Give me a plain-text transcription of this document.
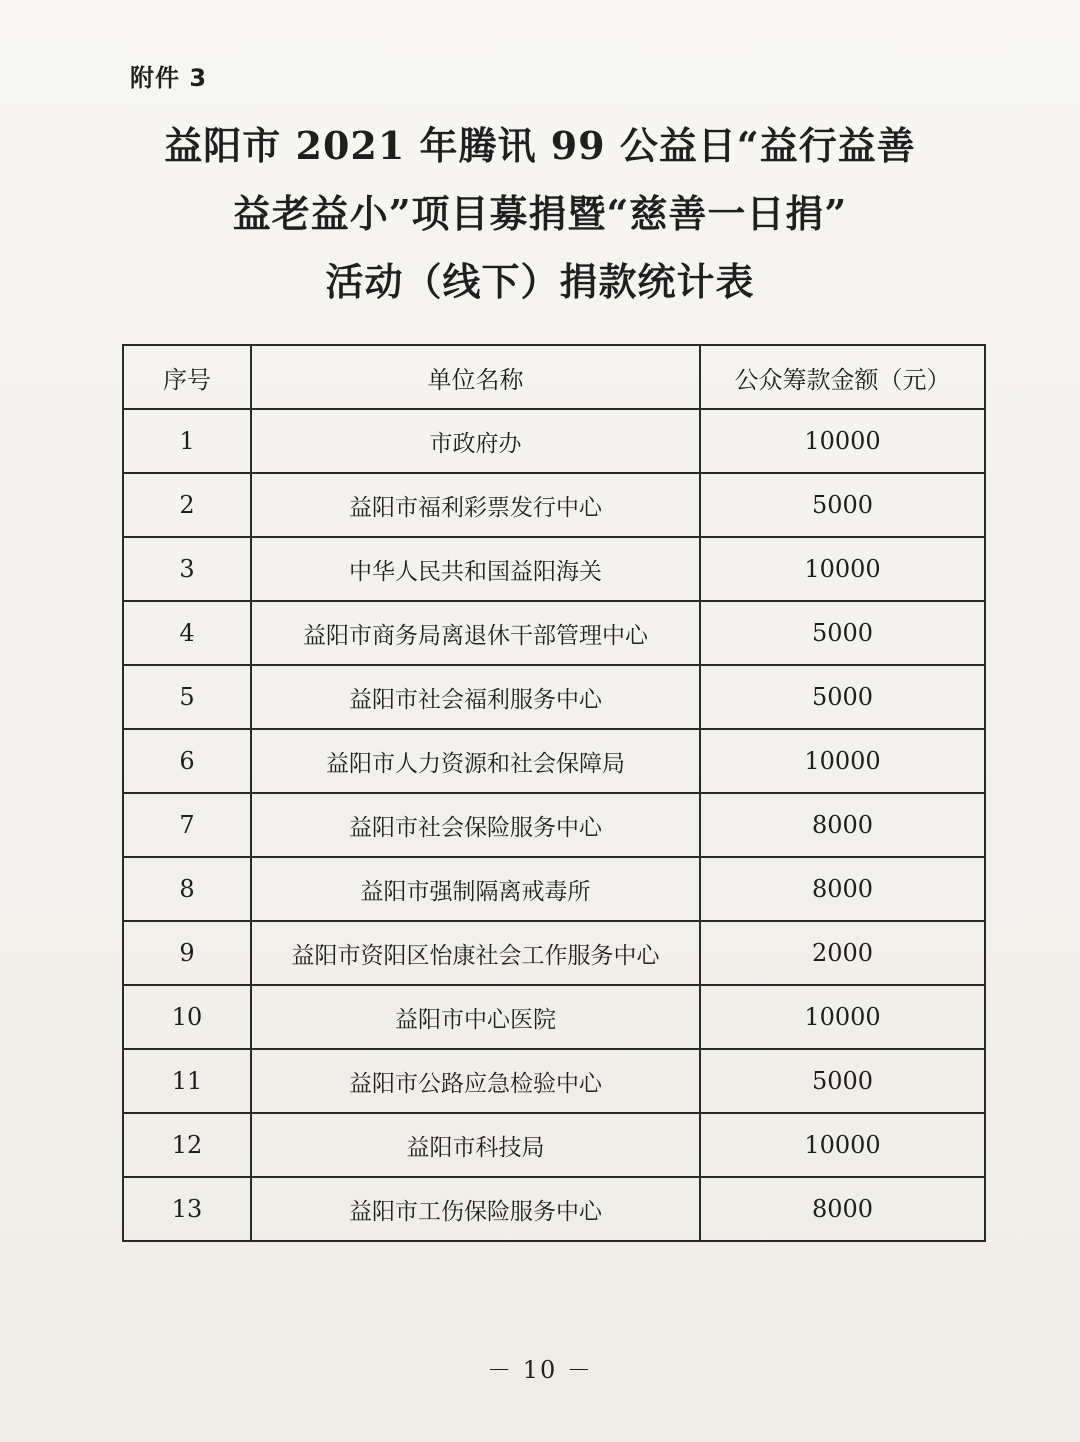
附件 3
益阳市 2021 年腾讯 99 公益日“益行益善
益老益小”项目募捐暨“慈善一日捐”
活动（线下）捐款统计表
序号	单位名称	公众筹款金额（元）
1	市政府办	10000
2	益阳市福利彩票发行中心	5000
3	中华人民共和国益阳海关	10000
4	益阳市商务局离退休干部管理中心	5000
5	益阳市社会福利服务中心	5000
6	益阳市人力资源和社会保障局	10000
7	益阳市社会保险服务中心	8000
8	益阳市强制隔离戒毒所	8000
9	益阳市资阳区怡康社会工作服务中心	2000
10	益阳市中心医院	10000
11	益阳市公路应急检验中心	5000
12	益阳市科技局	10000
13	益阳市工伤保险服务中心	8000
－ 10 －
